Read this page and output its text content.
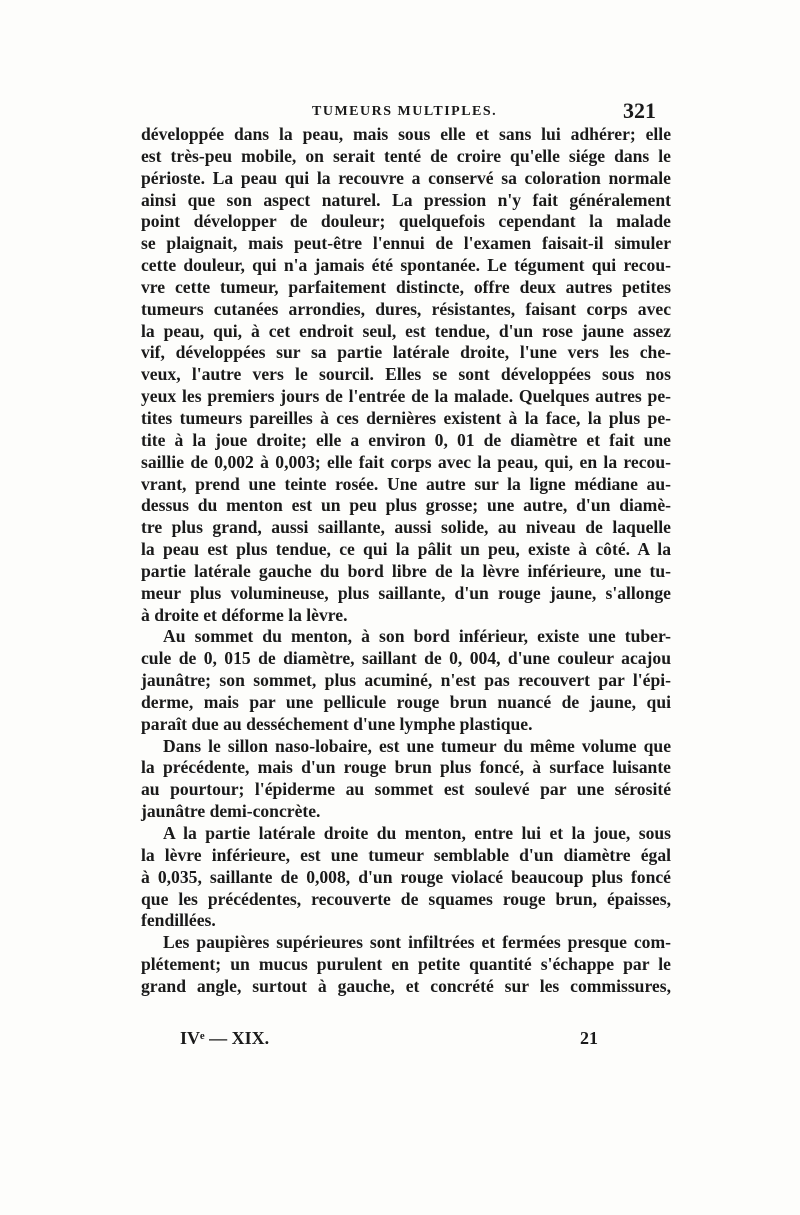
TUMEURS MULTIPLES.	321
développée dans la peau, mais sous elle et sans lui adhérer; elle
est très-peu mobile, on serait tenté de croire qu'elle siége dans le
périoste. La peau qui la recouvre a conservé sa coloration normale
ainsi que son aspect naturel. La pression n'y fait généralement
point développer de douleur; quelquefois cependant la malade
se plaignait, mais peut-être l'ennui de l'examen faisait-il simuler
cette douleur, qui n'a jamais été spontanée. Le tégument qui recou-
vre cette tumeur, parfaitement distincte, offre deux autres petites
tumeurs cutanées arrondies, dures, résistantes, faisant corps avec
la peau, qui, à cet endroit seul, est tendue, d'un rose jaune assez
vif, développées sur sa partie latérale droite, l'une vers les che-
veux, l'autre vers le sourcil. Elles se sont développées sous nos
yeux les premiers jours de l'entrée de la malade. Quelques autres pe-
tites tumeurs pareilles à ces dernières existent à la face, la plus pe-
tite à la joue droite; elle a environ 0, 01 de diamètre et fait une
saillie de 0,002 à 0,003; elle fait corps avec la peau, qui, en la recou-
vrant, prend une teinte rosée. Une autre sur la ligne médiane au-
dessus du menton est un peu plus grosse; une autre, d'un diamè-
tre plus grand, aussi saillante, aussi solide, au niveau de laquelle
la peau est plus tendue, ce qui la pâlit un peu, existe à côté. A la
partie latérale gauche du bord libre de la lèvre inférieure, une tu-
meur plus volumineuse, plus saillante, d'un rouge jaune, s'allonge
à droite et déforme la lèvre.
Au sommet du menton, à son bord inférieur, existe une tuber-
cule de 0, 015 de diamètre, saillant de 0, 004, d'une couleur acajou
jaunâtre; son sommet, plus acuminé, n'est pas recouvert par l'épi-
derme, mais par une pellicule rouge brun nuancé de jaune, qui
paraît due au desséchement d'une lymphe plastique.
Dans le sillon naso-lobaire, est une tumeur du même volume que
la précédente, mais d'un rouge brun plus foncé, à surface luisante
au pourtour; l'épiderme au sommet est soulevé par une sérosité
jaunâtre demi-concrète.
A la partie latérale droite du menton, entre lui et la joue, sous
la lèvre inférieure, est une tumeur semblable d'un diamètre égal
à 0,035, saillante de 0,008, d'un rouge violacé beaucoup plus foncé
que les précédentes, recouverte de squames rouge brun, épaisses,
fendillées.
Les paupières supérieures sont infiltrées et fermées presque com-
plétement; un mucus purulent en petite quantité s'échappe par le
grand angle, surtout à gauche, et concrété sur les commissures,
IVᵉ — XIX.	21
